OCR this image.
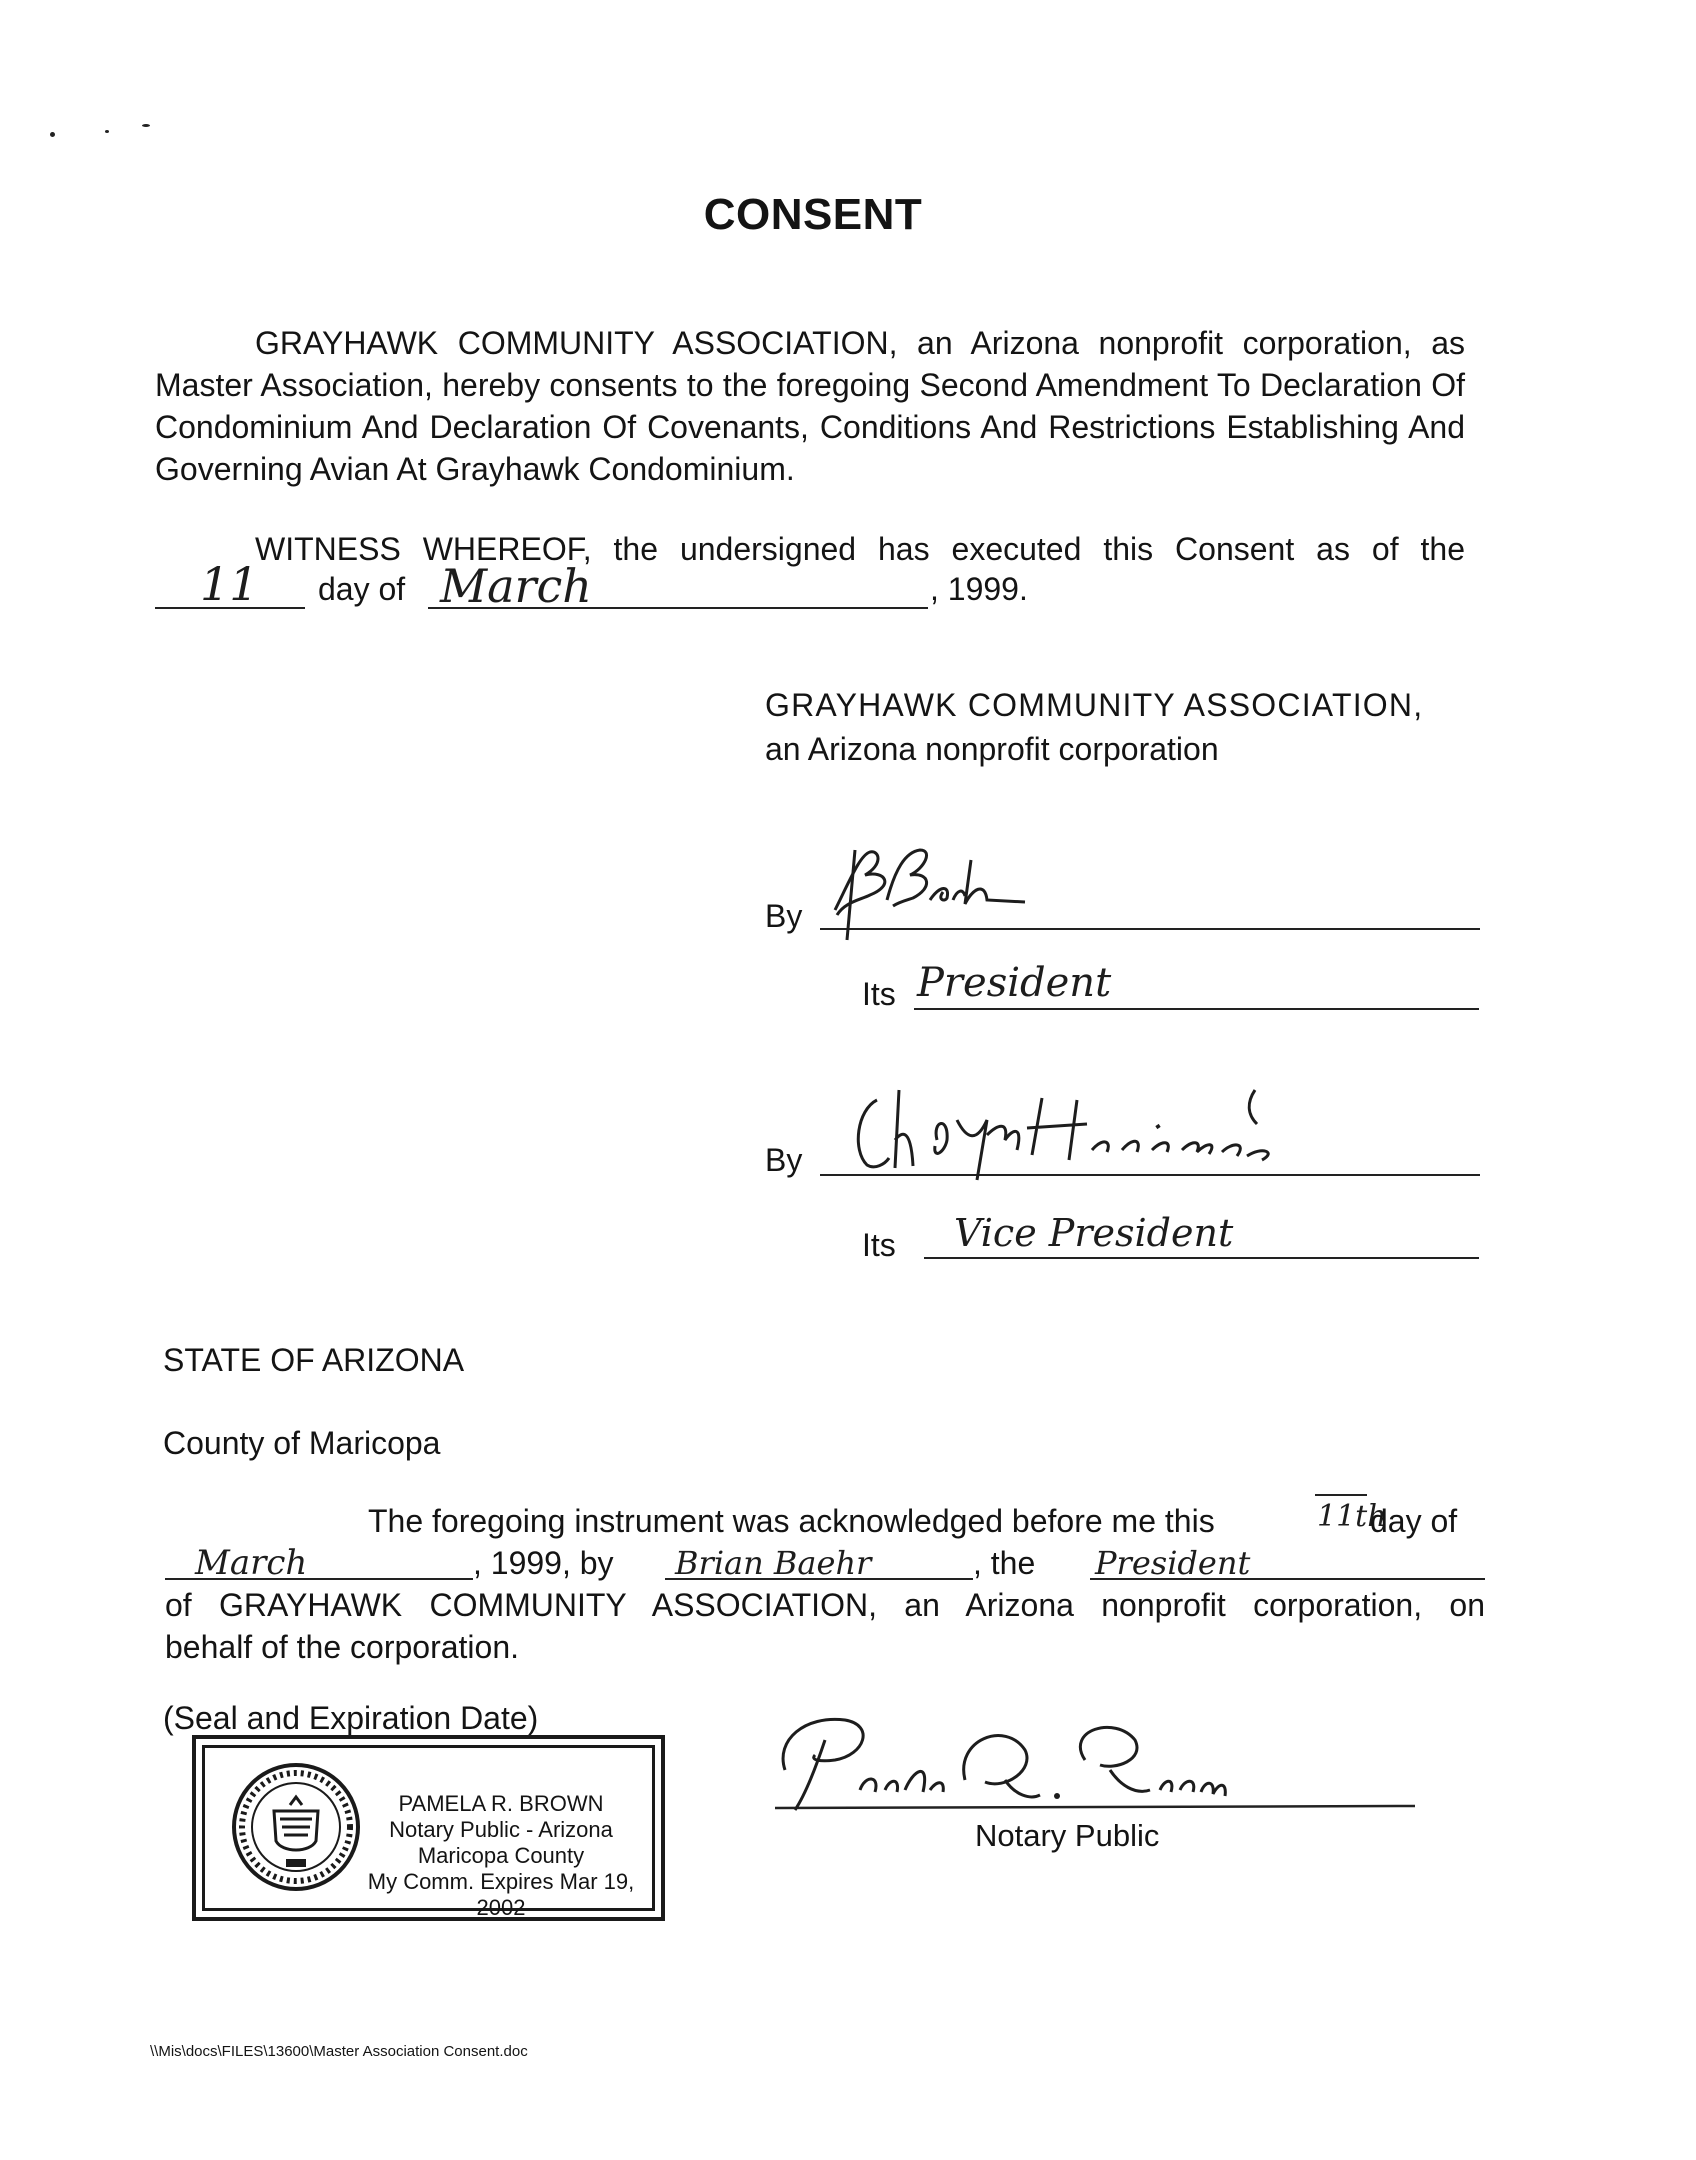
CONSENT
GRAYHAWK COMMUNITY ASSOCIATION, an Arizona nonprofit corporation, as Master Association, hereby consents to the foregoing Second Amendment To Declaration Of Condominium And Declaration Of Covenants, Conditions And Restrictions Establishing And Governing Avian At Grayhawk Condominium.
WITNESS WHEREOF, the undersigned has executed this Consent as of the
11 day of March	, 1999.
GRAYHAWK COMMUNITY ASSOCIATION,
an Arizona nonprofit corporation
By
Its President
By
Its Vice President
STATE OF ARIZONA
County of Maricopa
The foregoing instrument was acknowledged before me this	11th
day of
March	, 1999, by Brian Baehr	, the President
of GRAYHAWK COMMUNITY ASSOCIATION, an Arizona nonprofit corporation, on
behalf of the corporation.
(Seal and Expiration Date)
PAMELA R. BROWN
Notary Public - Arizona
Maricopa County
My Comm. Expires Mar 19, 2002
Notary Public
\\Mis\docs\FILES\13600\Master Association Consent.doc
